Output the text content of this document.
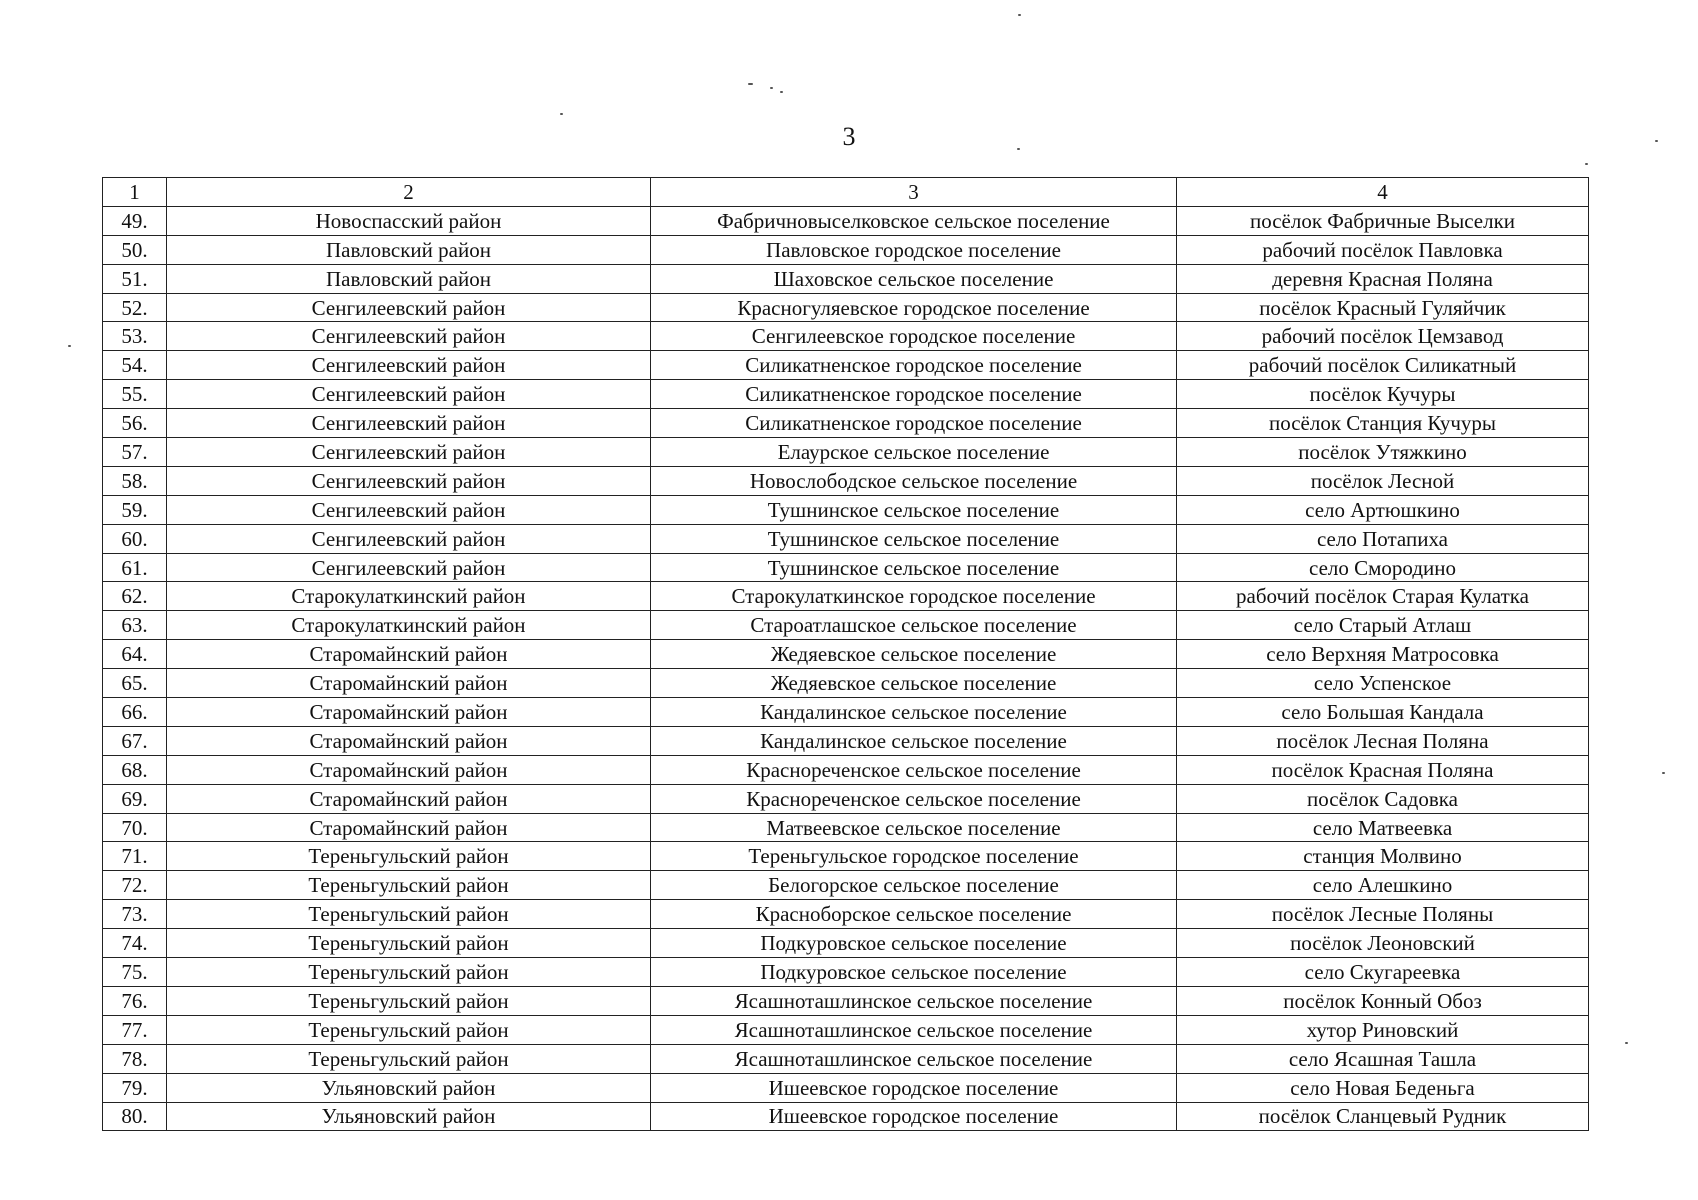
3
1	2	3	4
49.	Новоспасский район	Фабричновыселковское сельское поселение	посёлок Фабричные Выселки
50.	Павловский район	Павловское городское поселение	рабочий посёлок Павловка
51.	Павловский район	Шаховское сельское поселение	деревня Красная Поляна
52.	Сенгилеевский район	Красногуляевское городское поселение	посёлок Красный Гуляйчик
53.	Сенгилеевский район	Сенгилеевское городское поселение	рабочий посёлок Цемзавод
54.	Сенгилеевский район	Силикатненское городское поселение	рабочий посёлок Силикатный
55.	Сенгилеевский район	Силикатненское городское поселение	посёлок Кучуры
56.	Сенгилеевский район	Силикатненское городское поселение	посёлок Станция Кучуры
57.	Сенгилеевский район	Елаурское сельское поселение	посёлок Утяжкино
58.	Сенгилеевский район	Новослободское сельское поселение	посёлок Лесной
59.	Сенгилеевский район	Тушнинское сельское поселение	село Артюшкино
60.	Сенгилеевский район	Тушнинское сельское поселение	село Потапиха
61.	Сенгилеевский район	Тушнинское сельское поселение	село Смородино
62.	Старокулаткинский район	Старокулаткинское городское поселение	рабочий посёлок Старая Кулатка
63.	Старокулаткинский район	Староатлашское сельское поселение	село Старый Атлаш
64.	Старомайнский район	Жедяевское сельское поселение	село Верхняя Матросовка
65.	Старомайнский район	Жедяевское сельское поселение	село Успенское
66.	Старомайнский район	Кандалинское сельское поселение	село Большая Кандала
67.	Старомайнский район	Кандалинское сельское поселение	посёлок Лесная Поляна
68.	Старомайнский район	Краснореченское сельское поселение	посёлок Красная Поляна
69.	Старомайнский район	Краснореченское сельское поселение	посёлок Садовка
70.	Старомайнский район	Матвеевское сельское поселение	село Матвеевка
71.	Тереньгульский район	Тереньгульское городское поселение	станция Молвино
72.	Тереньгульский район	Белогорское сельское поселение	село Алешкино
73.	Тереньгульский район	Красноборское сельское поселение	посёлок Лесные Поляны
74.	Тереньгульский район	Подкуровское сельское поселение	посёлок Леоновский
75.	Тереньгульский район	Подкуровское сельское поселение	село Скугареевка
76.	Тереньгульский район	Ясашноташлинское сельское поселение	посёлок Конный Обоз
77.	Тереньгульский район	Ясашноташлинское сельское поселение	хутор Риновский
78.	Тереньгульский район	Ясашноташлинское сельское поселение	село Ясашная Ташла
79.	Ульяновский район	Ишеевское городское поселение	село Новая Беденьга
80.	Ульяновский район	Ишеевское городское поселение	посёлок Сланцевый Рудник
